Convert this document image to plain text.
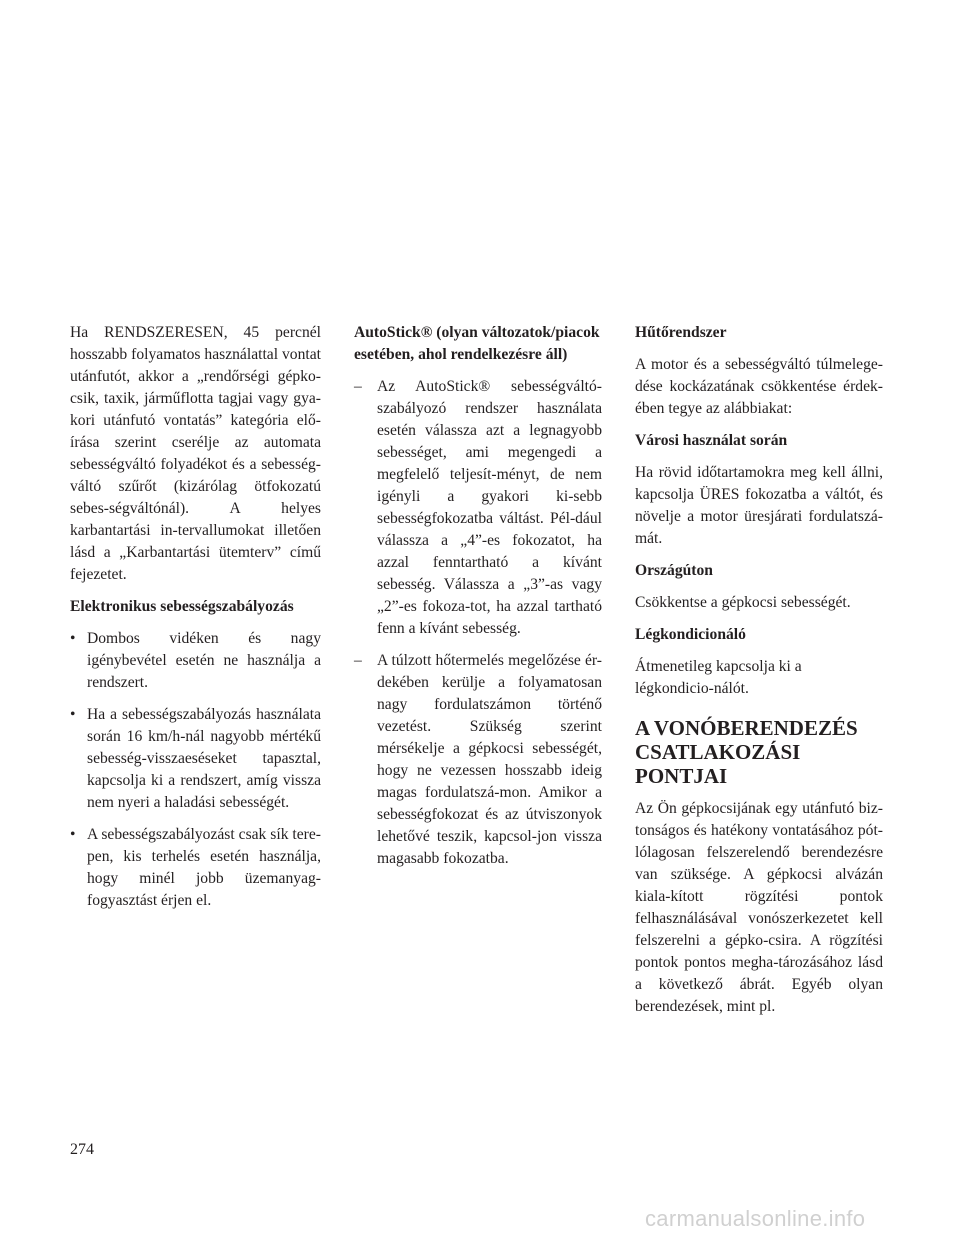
Ha RENDSZERESEN, 45 percnél hosszabb folyamatos használattal vontat utánfutót, akkor a „rendőrségi gépko-csik, taxik, járműflotta tagjai vagy gya-kori utánfutó vontatás” kategória elő-írása szerint cserélje az automata sebességváltó folyadékot és a sebesség-váltó szűrőt (kizárólag ötfokozatú sebes-ségváltónál). A helyes karbantartási in-tervallumokat illetően lásd a „Karbantartási ütemterv” című fejezetet.

Elektronikus sebességszabályozás

• Dombos vidéken és nagy igénybevétel esetén ne használja a rendszert.
• Ha a sebességszabályozás használata során 16 km/h-nál nagyobb mértékű sebesség-visszaeséseket tapasztal, kapcsolja ki a rendszert, amíg vissza nem nyeri a haladási sebességét.
• A sebességszabályozást csak sík tere-pen, kis terhelés esetén használja, hogy minél jobb üzemanyag-fogyasztást érjen el.

AutoStick® (olyan változatok/piacok esetében, ahol rendelkezésre áll)

– Az AutoStick® sebességváltó-szabályozó rendszer használata esetén válassza azt a legnagyobb sebességet, ami megengedi a megfelelő teljesít-ményt, de nem igényli a gyakori ki-sebb sebességfokozatba váltást. Pél-dául válassza a „4”-es fokozatot, ha azzal fenntartható a kívánt sebesség. Válassza a „3”-as vagy „2”-es fokoza-tot, ha azzal tartható fenn a kívánt sebesség.
– A túlzott hőtermelés megelőzése ér-dekében kerülje a folyamatosan nagy fordulatszámon történő vezetést. Szükség szerint mérsékelje a gépkocsi sebességét, hogy ne vezessen hosszabb ideig magas fordulatszá-mon. Amikor a sebességfokozat és az útviszonyok lehetővé teszik, kapcsol-jon vissza magasabb fokozatba.

Hűtőrendszer

A motor és a sebességváltó túlmelege-dése kockázatának csökkentése érdek-ében tegye az alábbiakat:

Városi használat során

Ha rövid időtartamokra meg kell állni, kapcsolja ÜRES fokozatba a váltót, és növelje a motor üresjárati fordulatszá-mát.

Országúton

Csökkentse a gépkocsi sebességét.

Légkondicionáló

Átmenetileg kapcsolja ki a légkondicio-nálót.

A VONÓBERENDEZÉS
CSATLAKOZÁSI PONTJAI

Az Ön gépkocsijának egy utánfutó biz-tonságos és hatékony vontatásához pót-lólagosan felszerelendő berendezésre van szüksége. A gépkocsi alvázán kiala-kított rögzítési pontok felhasználásával vonószerkezetet kell felszerelni a gépko-csira. A rögzítési pontok pontos megha-tározásához lásd a következő ábrát. Egyéb olyan berendezések, mint pl.

274
carmanualsonline.info
